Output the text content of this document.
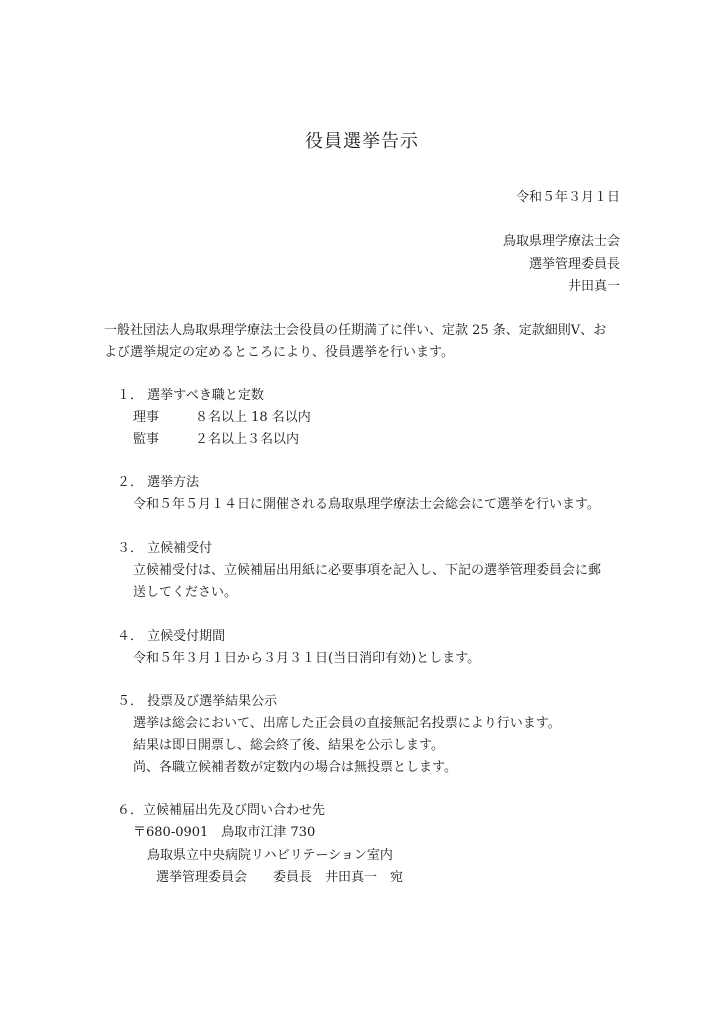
役員選挙告示
令和５年３月１日
鳥取県理学療法士会
選挙管理委員長
井田真一
一般社団法人鳥取県理学療法士会役員の任期満了に伴い、定款 25 条、定款細則Ⅴ、お
よび選挙規定の定めるところにより、役員選挙を行います。
１． 選挙すべき職と定数
理事	８名以上 18 名以内
監事	２名以上３名以内
２． 選挙方法
令和５年５月１４日に開催される鳥取県理学療法士会総会にて選挙を行います。
３． 立候補受付
立候補受付は、立候補届出用紙に必要事項を記入し、下記の選挙管理委員会に郵
送してください。
４． 立候受付期間
令和５年３月１日から３月３１日(当日消印有効)とします。
５． 投票及び選挙結果公示
選挙は総会において、出席した正会員の直接無記名投票により行います。
結果は即日開票し、総会終了後、結果を公示します。
尚、各職立候補者数が定数内の場合は無投票とします。
６．立候補届出先及び問い合わせ先
〒680-0901　鳥取市江津 730
鳥取県立中央病院リハビリテーション室内
選挙管理委員会　　委員長　井田真一　宛
